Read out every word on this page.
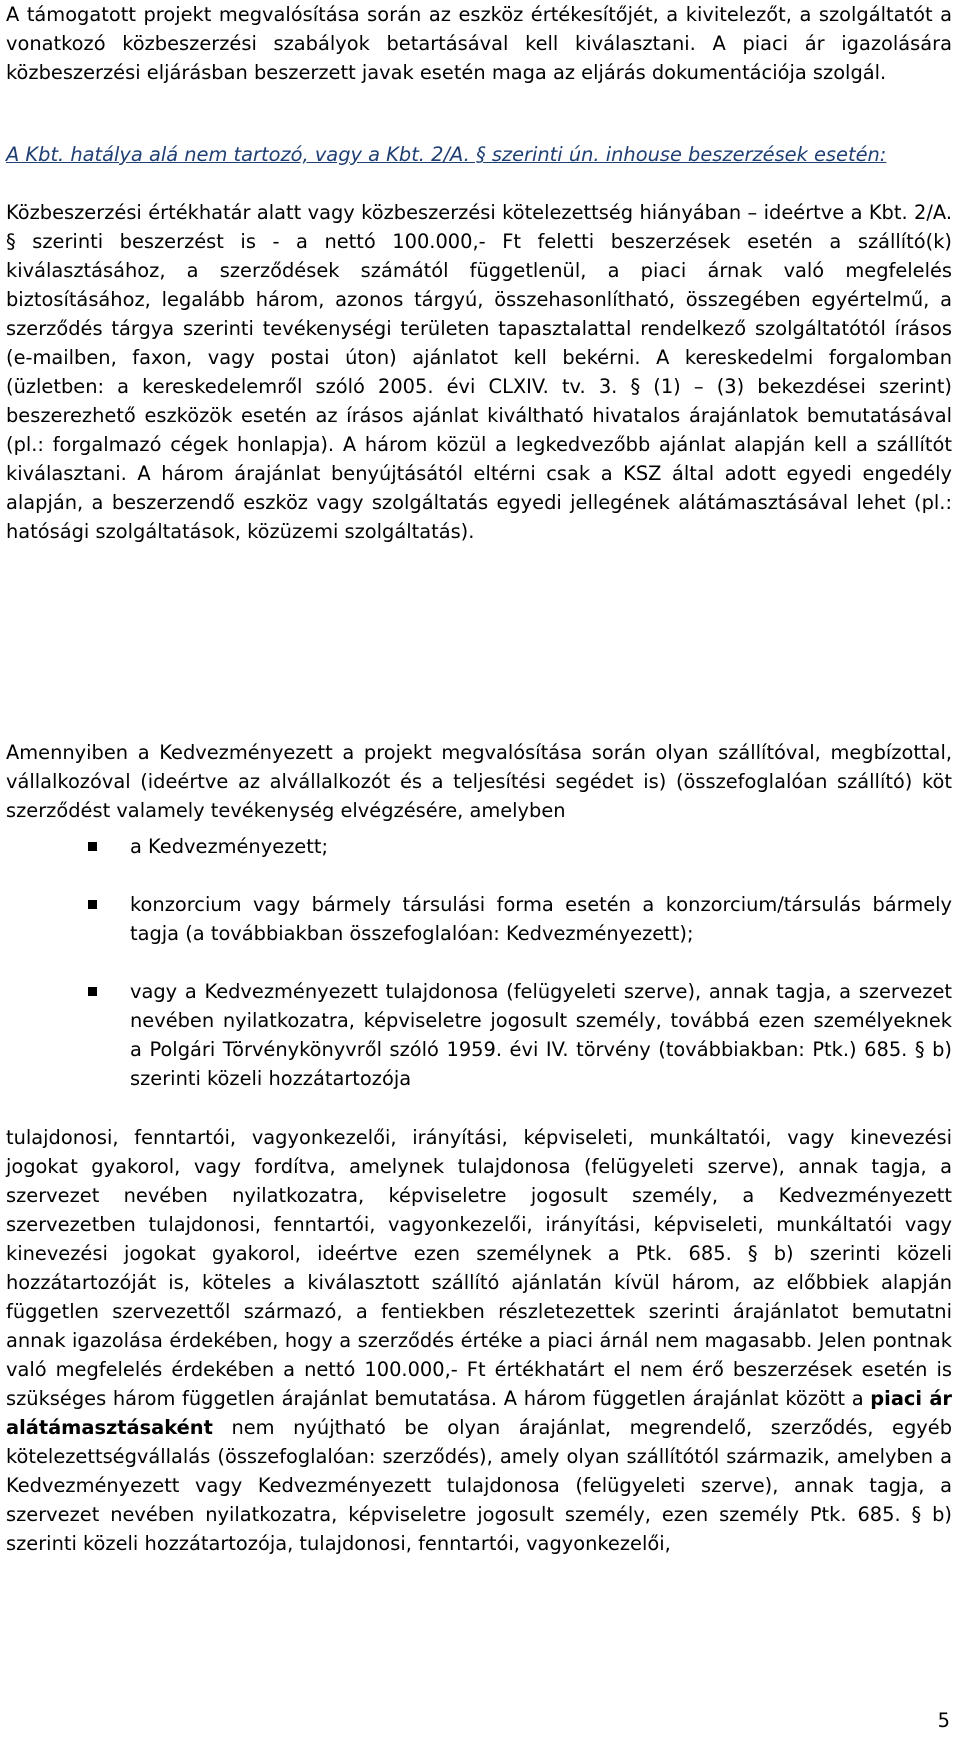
A támogatott projekt megvalósítása során az eszköz értékesítőjét, a kivitelezőt, a szolgáltatót a vonatkozó közbeszerzési szabályok betartásával kell kiválasztani. A piaci ár igazolására közbeszerzési eljárásban beszerzett javak esetén maga az eljárás dokumentációja szolgál.

A Kbt. hatálya alá nem tartozó, vagy a Kbt. 2/A. § szerinti ún. inhouse beszerzések esetén:

Közbeszerzési értékhatár alatt vagy közbeszerzési kötelezettség hiányában – ideértve a Kbt. 2/A. § szerinti beszerzést is - a nettó 100.000,- Ft feletti beszerzések esetén a szállító(k) kiválasztásához, a szerződések számától függetlenül, a piaci árnak való megfelelés biztosításához, legalább három, azonos tárgyú, összehasonlítható, összegében egyértelmű, a szerződés tárgya szerinti tevékenységi területen tapasztalattal rendelkező szolgáltatótól írásos (e-mailben, faxon, vagy postai úton) ajánlatot kell bekérni. A kereskedelmi forgalomban (üzletben: a kereskedelemről szóló 2005. évi CLXIV. tv. 3. § (1) – (3) bekezdései szerint) beszerezhető eszközök esetén az írásos ajánlat kiváltható hivatalos árajánlatok bemutatásával (pl.: forgalmazó cégek honlapja). A három közül a legkedvezőbb ajánlat alapján kell a szállítót kiválasztani. A három árajánlat benyújtásától eltérni csak a KSZ által adott egyedi engedély alapján, a beszerzendő eszköz vagy szolgáltatás egyedi jellegének alátámasztásával lehet (pl.: hatósági szolgáltatások, közüzemi szolgáltatás).

Amennyiben a Kedvezményezett a projekt megvalósítása során olyan szállítóval, megbízottal, vállalkozóval (ideértve az alvállalkozót és a teljesítési segédet is) (összefoglalóan szállító) köt szerződést valamely tevékenység elvégzésére, amelyben

a Kedvezményezett;
konzorcium vagy bármely társulási forma esetén a konzorcium/társulás bármely tagja (a továbbiakban összefoglalóan: Kedvezményezett);
vagy a Kedvezményezett tulajdonosa (felügyeleti szerve), annak tagja, a szervezet nevében nyilatkozatra, képviseletre jogosult személy, továbbá ezen személyeknek a Polgári Törvénykönyvről szóló 1959. évi IV. törvény (továbbiakban: Ptk.) 685. § b) szerinti közeli hozzátartozója

tulajdonosi, fenntartói, vagyonkezelői, irányítási, képviseleti, munkáltatói, vagy kinevezési jogokat gyakorol, vagy fordítva, amelynek tulajdonosa (felügyeleti szerve), annak tagja, a szervezet nevében nyilatkozatra, képviseletre jogosult személy, a Kedvezményezett szervezetben tulajdonosi, fenntartói, vagyonkezelői, irányítási, képviseleti, munkáltatói vagy kinevezési jogokat gyakorol, ideértve ezen személynek a Ptk. 685. § b) szerinti közeli hozzátartozóját is, köteles a kiválasztott szállító ajánlatán kívül három, az előbbiek alapján független szervezettől származó, a fentiekben részletezettek szerinti árajánlatot bemutatni annak igazolása érdekében, hogy a szerződés értéke a piaci árnál nem magasabb. Jelen pontnak való megfelelés érdekében a nettó 100.000,- Ft értékhatárt el nem érő beszerzések esetén is szükséges három független árajánlat bemutatása. A három független árajánlat között a piaci ár alátámasztásaként nem nyújtható be olyan árajánlat, megrendelő, szerződés, egyéb kötelezettségvállalás (összefoglalóan: szerződés), amely olyan szállítótól származik, amelyben a Kedvezményezett vagy Kedvezményezett tulajdonosa (felügyeleti szerve), annak tagja, a szervezet nevében nyilatkozatra, képviseletre jogosult személy, ezen személy Ptk. 685. § b) szerinti közeli hozzátartozója, tulajdonosi, fenntartói, vagyonkezelői,

5
